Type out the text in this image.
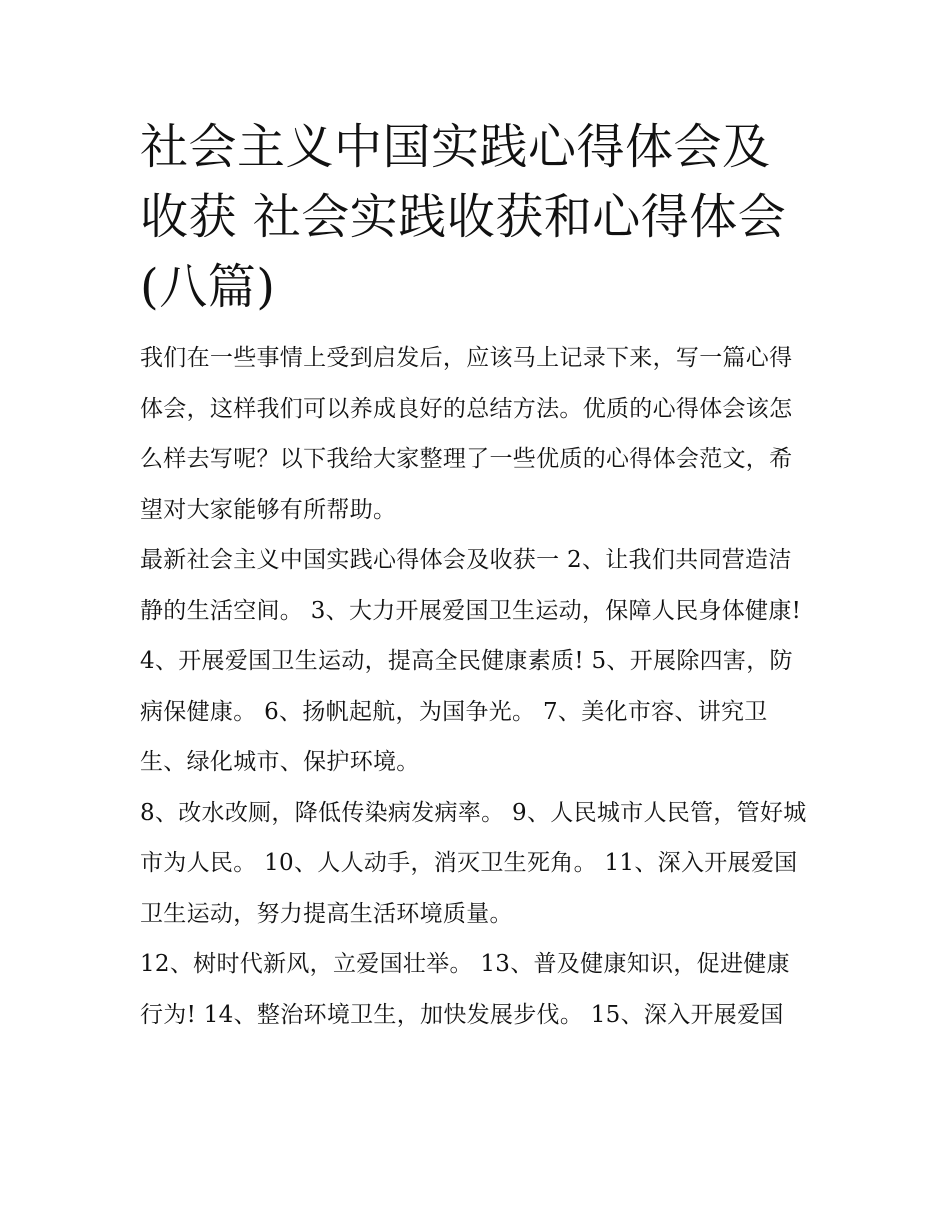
社会主义中国实践心得体会及收获 社会实践收获和心得体会(八篇)

我们在一些事情上受到启发后，应该马上记录下来，写一篇心得体会，这样我们可以养成良好的总结方法。优质的心得体会该怎么样去写呢？以下我给大家整理了一些优质的心得体会范文，希望对大家能够有所帮助。

最新社会主义中国实践心得体会及收获一 2、让我们共同营造洁静的生活空间。 3、大力开展爱国卫生运动，保障人民身体健康!

4、开展爱国卫生运动，提高全民健康素质! 5、开展除四害，防病保健康。 6、扬帆起航，为国争光。 7、美化市容、讲究卫生、绿化城市、保护环境。

8、改水改厕，降低传染病发病率。 9、人民城市人民管，管好城市为人民。 10、人人动手，消灭卫生死角。 11、深入开展爱国卫生运动，努力提高生活环境质量。

12、树时代新风，立爱国壮举。 13、普及健康知识，促进健康行为! 14、整治环境卫生，加快发展步伐。 15、深入开展爱国
